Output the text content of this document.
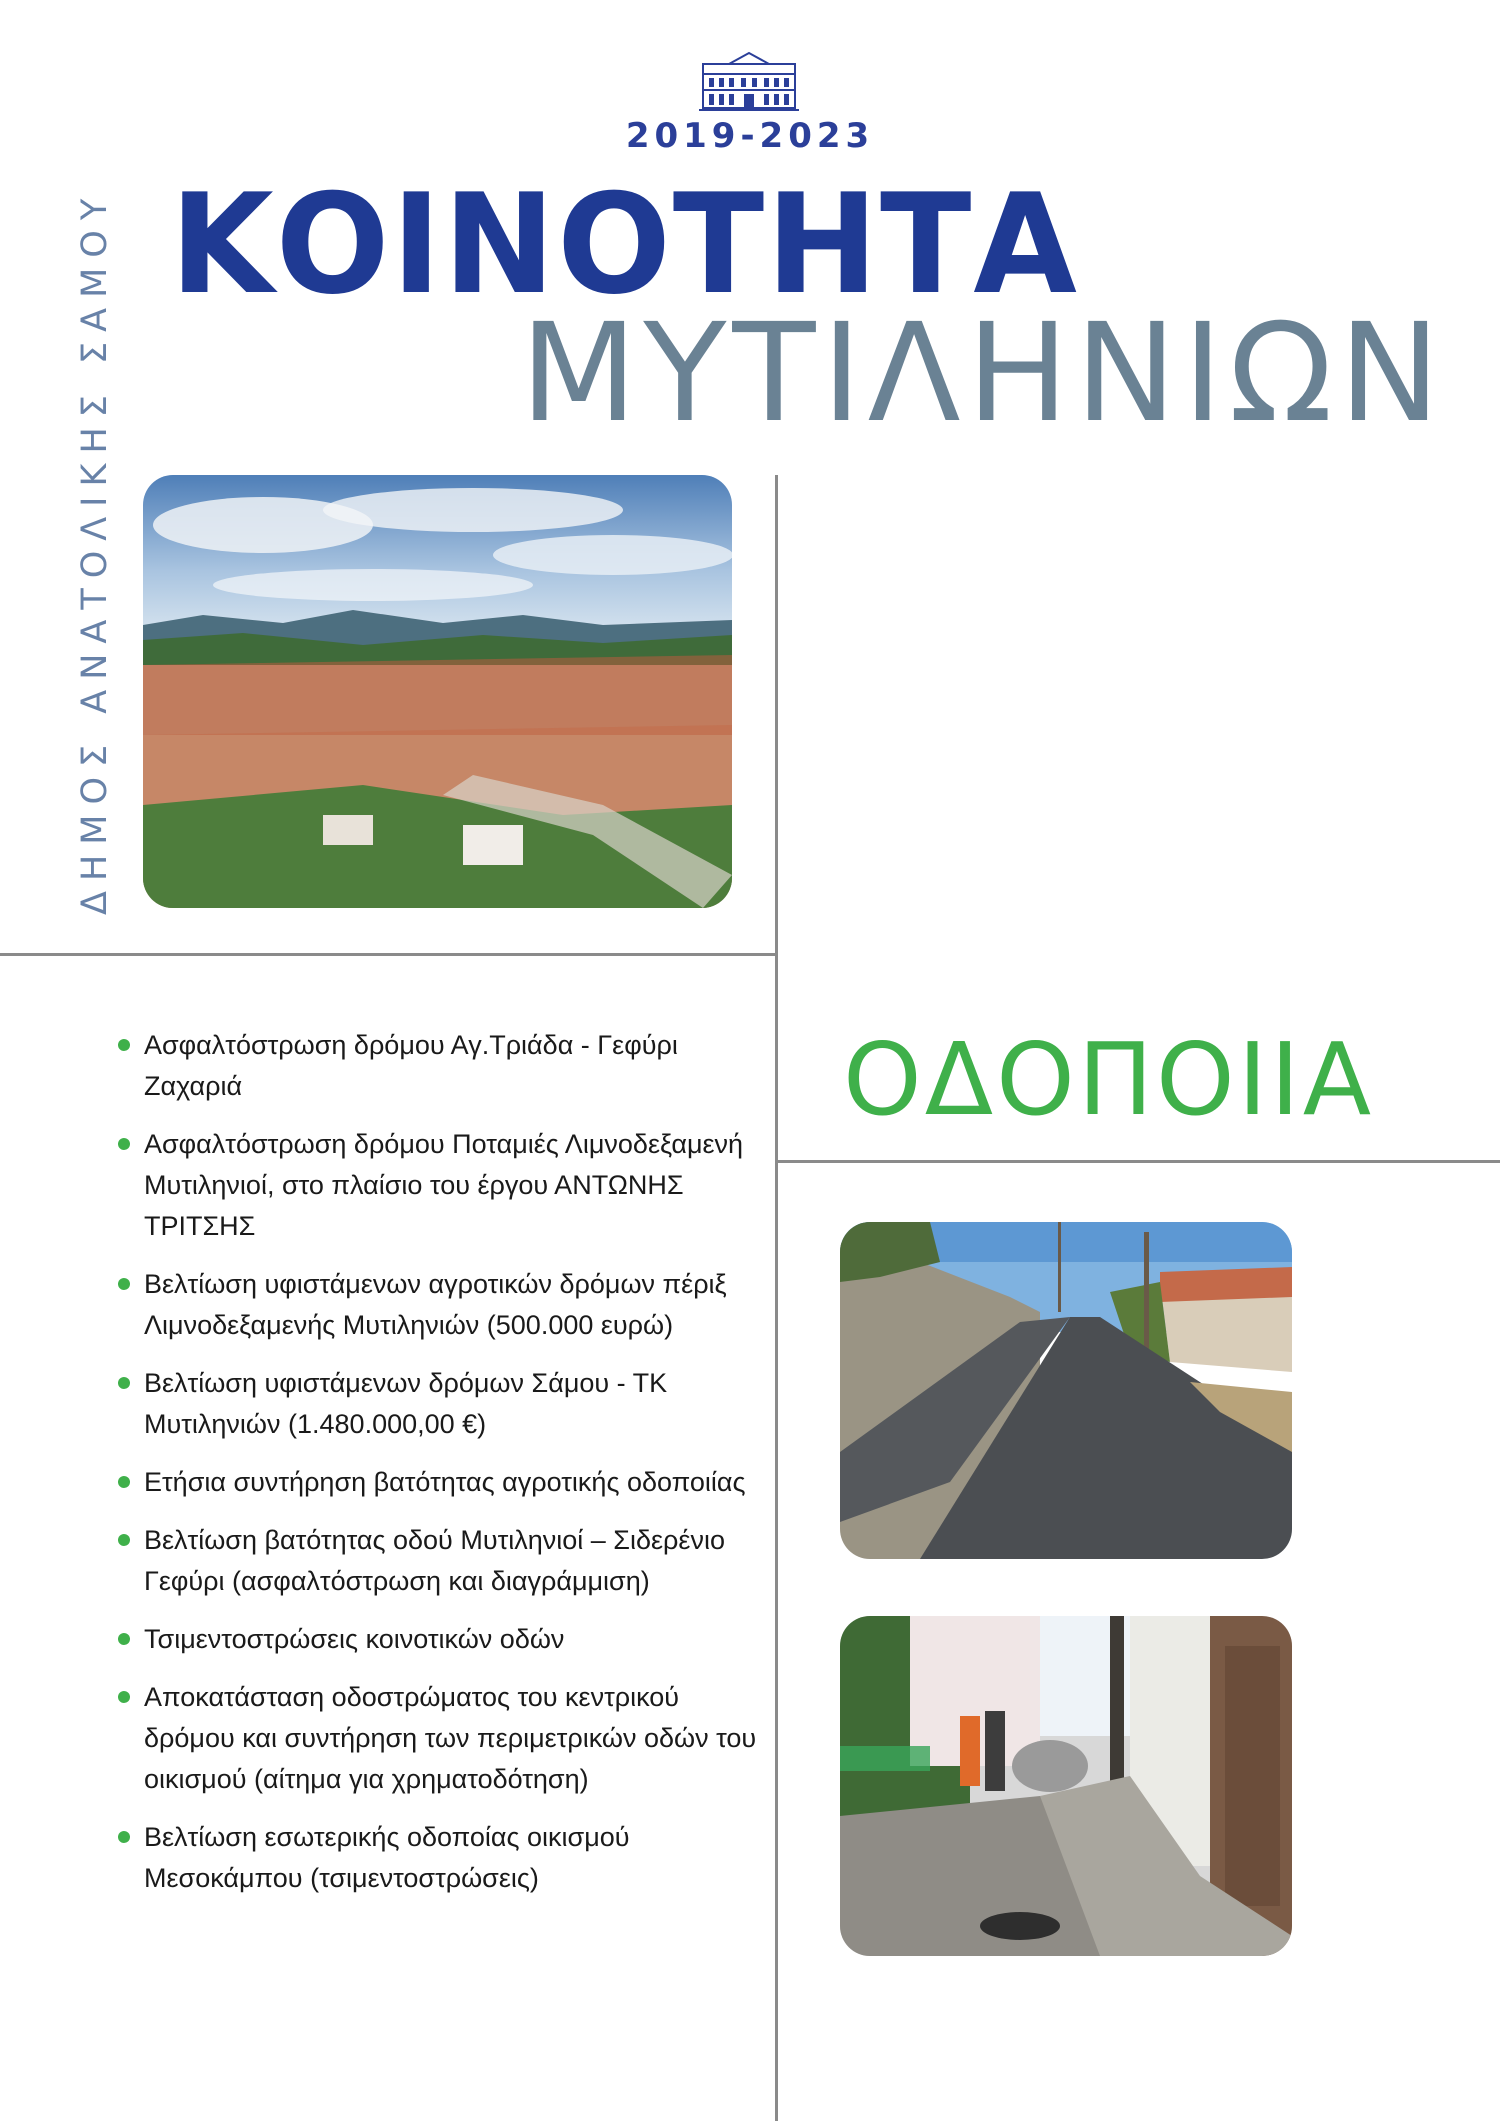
2019-2023
ΚΟΙΝΟΤΗΤΑ
ΜΥΤΙΛΗΝΙΩΝ
ΔΗΜΟΣ ΑΝΑΤΟΛΙΚΗΣ ΣΑΜΟΥ
Ασφαλτόστρωση δρόμου Αγ.Τριάδα - Γεφύρι Ζαχαριά
Ασφαλτόστρωση δρόμου Ποταμιές Λιμνοδεξαμενή Μυτιληνιοί, στο πλαίσιο του έργου ΑΝΤΩΝΗΣ ΤΡΙΤΣΗΣ
Βελτίωση υφιστάμενων αγροτικών δρόμων πέριξ Λιμνοδεξαμενής Μυτιληνιών (500.000 ευρώ)
Βελτίωση υφιστάμενων δρόμων Σάμου - ΤΚ Μυτιληνιών (1.480.000,00 €)
Ετήσια συντήρηση βατότητας αγροτικής οδοποιίας
Βελτίωση βατότητας οδού Μυτιληνιοί – Σιδερένιο Γεφύρι (ασφαλτόστρωση και διαγράμμιση)
Τσιμεντοστρώσεις κοινοτικών οδών
Αποκατάσταση οδοστρώματος του κεντρικού δρόμου και συντήρηση των περιμετρικών οδών του οικισμού (αίτημα για χρηματοδότηση)
Βελτίωση εσωτερικής οδοποίας οικισμού Μεσοκάμπου (τσιμεντοστρώσεις)
ΟΔΟΠΟΙΙΑ
